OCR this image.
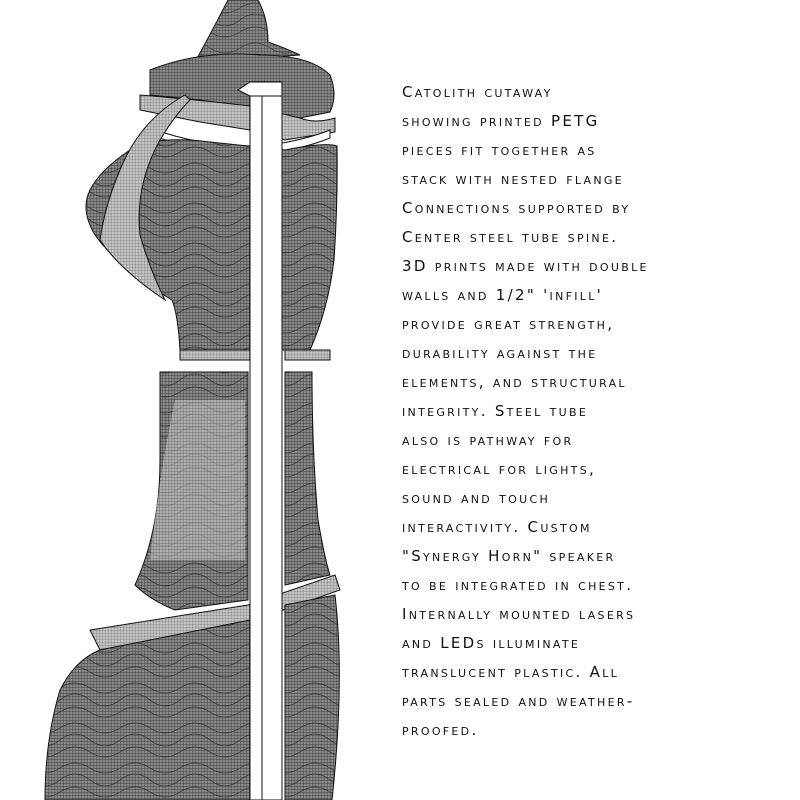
Catolith cutaway
showing printed PETG
pieces fit together as
stack with nested flange
Connections supported by
Center steel tube spine.
3D prints made with double
walls and 1/2" 'infill'
provide great strength,
durability against the
elements, and structural
integrity. Steel tube
also is pathway for
electrical for lights,
sound and touch
interactivity. Custom
"Synergy Horn" speaker
to be integrated in chest.
Internally mounted lasers
and LEDs illuminate
translucent plastic. All
parts sealed and weather-
proofed.
